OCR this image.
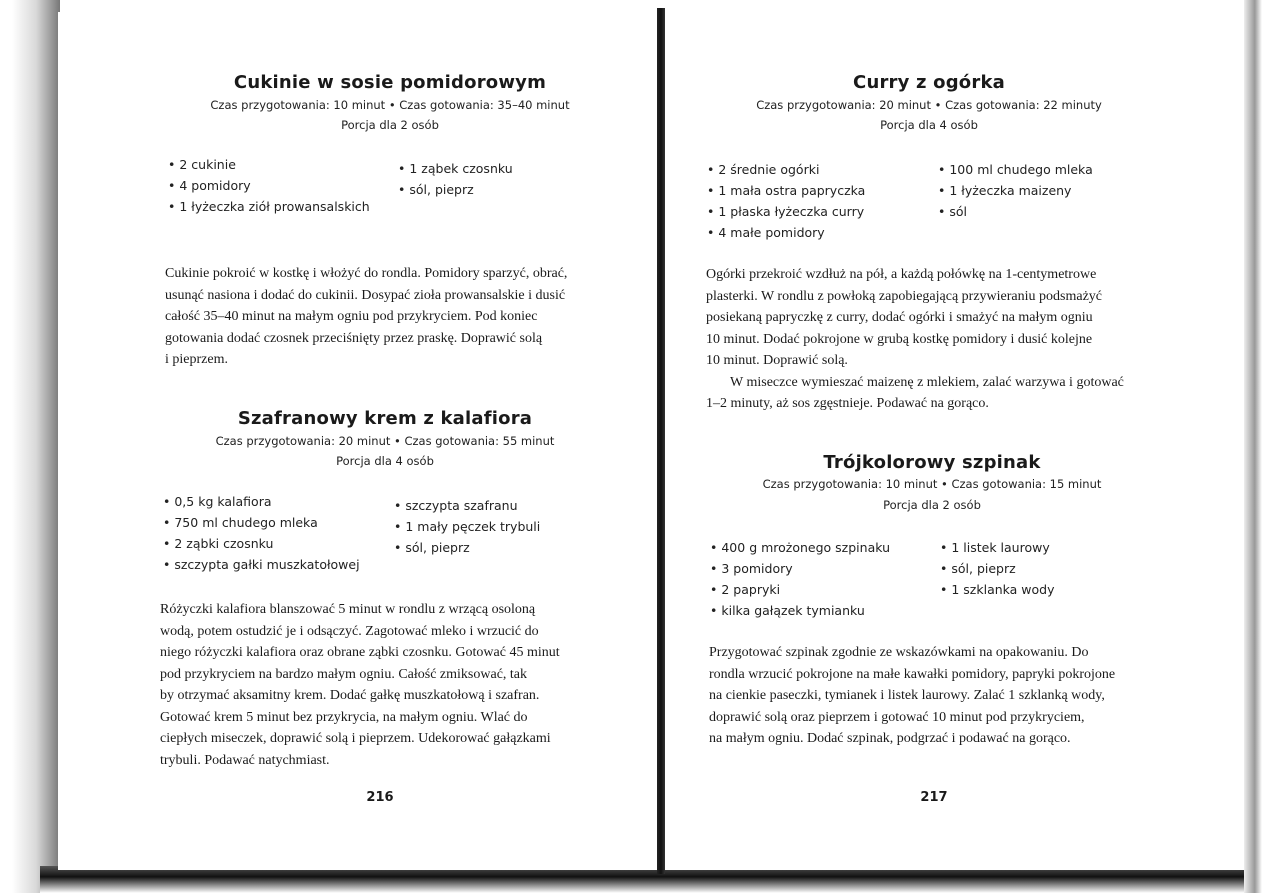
Cukinie w sosie pomidorowym
Czas przygotowania: 10 minut • Czas gotowania: 35–40 minut
Porcja dla 2 osób
• 2 cukinie
• 4 pomidory
• 1 łyżeczka ziół prowansalskich
• 1 ząbek czosnku
• sól, pieprz

Cukinie pokroić w kostkę i włożyć do rondla. Pomidory sparzyć, obrać,
usunąć nasiona i dodać do cukinii. Dosypać zioła prowansalskie i dusić
całość 35–40 minut na małym ogniu pod przykryciem. Pod koniec
gotowania dodać czosnek przeciśnięty przez praskę. Doprawić solą
i pieprzem.

Szafranowy krem z kalafiora
Czas przygotowania: 20 minut • Czas gotowania: 55 minut
Porcja dla 4 osób
• 0,5 kg kalafiora
• 750 ml chudego mleka
• 2 ząbki czosnku
• szczypta gałki muszkatołowej
• szczypta szafranu
• 1 mały pęczek trybuli
• sól, pieprz

Różyczki kalafiora blanszować 5 minut w rondlu z wrzącą osoloną
wodą, potem ostudzić je i odsączyć. Zagotować mleko i wrzucić do
niego różyczki kalafiora oraz obrane ząbki czosnku. Gotować 45 minut
pod przykryciem na bardzo małym ogniu. Całość zmiksować, tak
by otrzymać aksamitny krem. Dodać gałkę muszkatołową i szafran.
Gotować krem 5 minut bez przykrycia, na małym ogniu. Wlać do
ciepłych miseczek, doprawić solą i pieprzem. Udekorować gałązkami
trybuli. Podawać natychmiast.

216
Curry z ogórka
Czas przygotowania: 20 minut • Czas gotowania: 22 minuty
Porcja dla 4 osób
• 2 średnie ogórki
• 1 mała ostra papryczka
• 1 płaska łyżeczka curry
• 4 małe pomidory
• 100 ml chudego mleka
• 1 łyżeczka maizeny
• sól

Ogórki przekroić wzdłuż na pół, a każdą połówkę na 1-centymetrowe
plasterki. W rondlu z powłoką zapobiegającą przywieraniu podsmażyć
posiekaną papryczkę z curry, dodać ogórki i smażyć na małym ogniu
10 minut. Dodać pokrojone w grubą kostkę pomidory i dusić kolejne
10 minut. Doprawić solą.
W miseczce wymieszać maizenę z mlekiem, zalać warzywa i gotować
1–2 minuty, aż sos zgęstnieje. Podawać na gorąco.

Trójkolorowy szpinak
Czas przygotowania: 10 minut • Czas gotowania: 15 minut
Porcja dla 2 osób
• 400 g mrożonego szpinaku
• 3 pomidory
• 2 papryki
• kilka gałązek tymianku
• 1 listek laurowy
• sól, pieprz
• 1 szklanka wody

Przygotować szpinak zgodnie ze wskazówkami na opakowaniu. Do
rondla wrzucić pokrojone na małe kawałki pomidory, papryki pokrojone
na cienkie paseczki, tymianek i listek laurowy. Zalać 1 szklanką wody,
doprawić solą oraz pieprzem i gotować 10 minut pod przykryciem,
na małym ogniu. Dodać szpinak, podgrzać i podawać na gorąco.

217
